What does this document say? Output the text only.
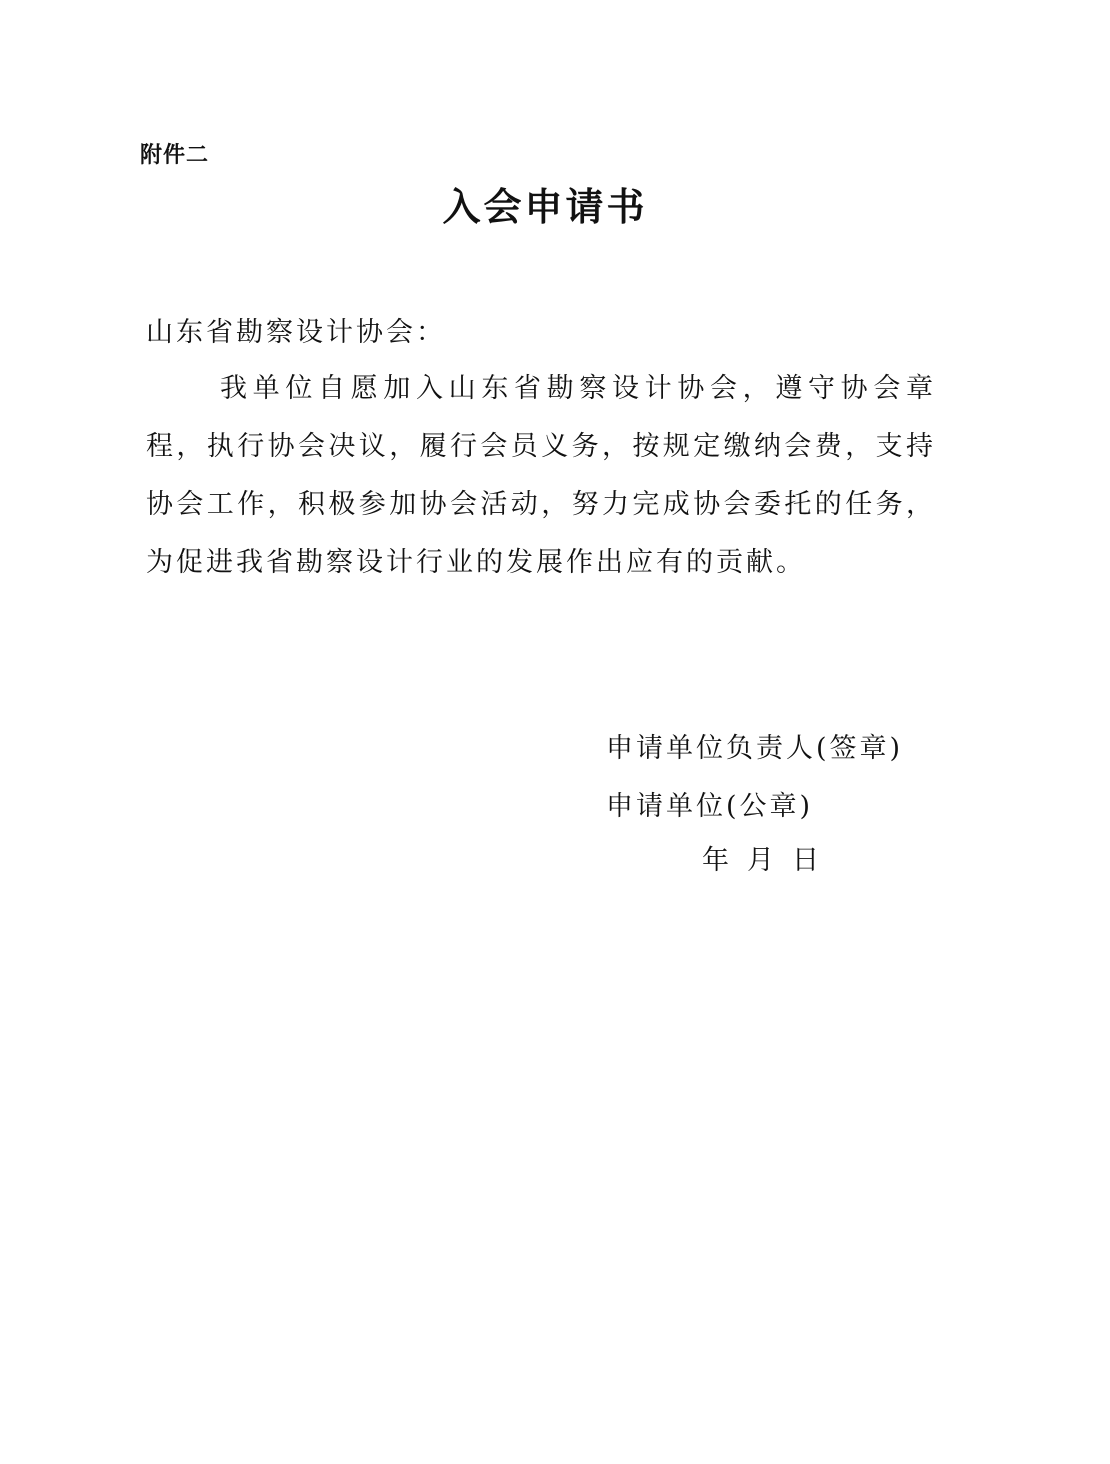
附件二
入会申请书
山东省勘察设计协会：
我单位自愿加入山东省勘察设计协会，遵守协会章程，执行协会决议，履行会员义务，按规定缴纳会费，支持协会工作，积极参加协会活动，努力完成协会委托的任务，为促进我省勘察设计行业的发展作出应有的贡献。
申请单位负责人(签章)
申请单位(公章)
年 月 日
